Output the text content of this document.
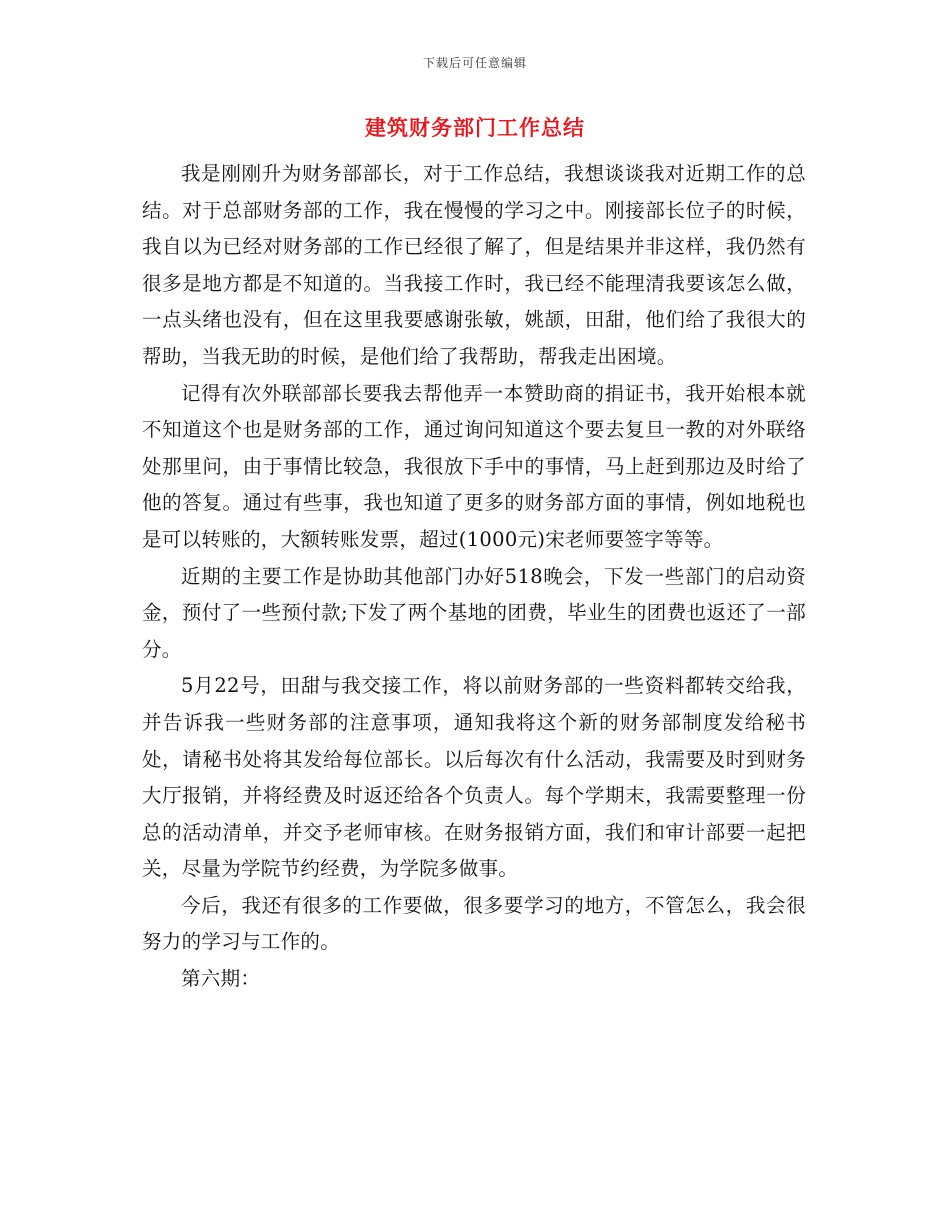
下载后可任意编辑
建筑财务部门工作总结

我是刚刚升为财务部部长，对于工作总结，我想谈谈我对近期工作的总结。对于总部财务部的工作，我在慢慢的学习之中。刚接部长位子的时候，我自以为已经对财务部的工作已经很了解了，但是结果并非这样，我仍然有很多是地方都是不知道的。当我接工作时，我已经不能理清我要该怎么做，一点头绪也没有，但在这里我要感谢张敏，姚颉，田甜，他们给了我很大的帮助，当我无助的时候，是他们给了我帮助，帮我走出困境。

记得有次外联部部长要我去帮他弄一本赞助商的捐证书，我开始根本就不知道这个也是财务部的工作，通过询问知道这个要去复旦一教的对外联络处那里问，由于事情比较急，我很放下手中的事情，马上赶到那边及时给了他的答复。通过有些事，我也知道了更多的财务部方面的事情，例如地税也是可以转账的，大额转账发票，超过(1000元)宋老师要签字等等。

近期的主要工作是协助其他部门办好518晚会，下发一些部门的启动资金，预付了一些预付款;下发了两个基地的团费，毕业生的团费也返还了一部分。

5月22号，田甜与我交接工作，将以前财务部的一些资料都转交给我，并告诉我一些财务部的注意事项，通知我将这个新的财务部制度发给秘书处，请秘书处将其发给每位部长。以后每次有什么活动，我需要及时到财务大厅报销，并将经费及时返还给各个负责人。每个学期末，我需要整理一份总的活动清单，并交予老师审核。在财务报销方面，我们和审计部要一起把关，尽量为学院节约经费，为学院多做事。

今后，我还有很多的工作要做，很多要学习的地方，不管怎么，我会很努力的学习与工作的。

第六期：
